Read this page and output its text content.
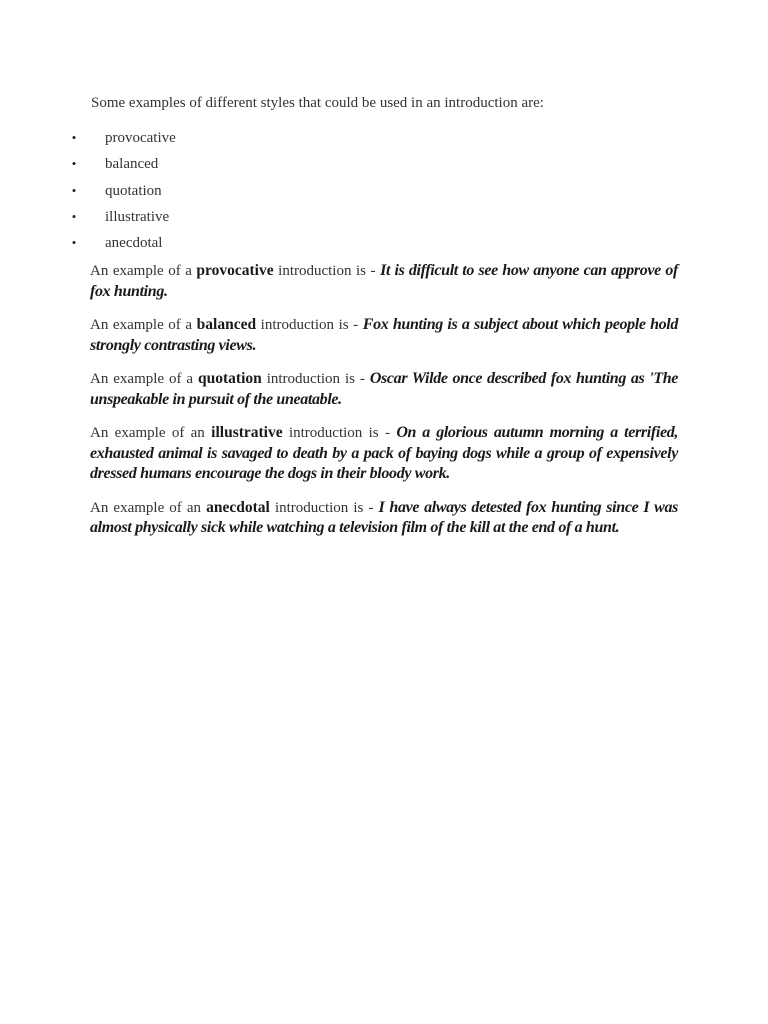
Some examples of different styles that could be used in an introduction are:

• provocative
• balanced
• quotation
• illustrative
• anecdotal

An example of a provocative introduction is - It is difficult to see how anyone can approve of fox hunting.

An example of a balanced introduction is - Fox hunting is a subject about which people hold strongly contrasting views.

An example of a quotation introduction is - Oscar Wilde once described fox hunting as 'The unspeakable in pursuit of the uneatable.

An example of an illustrative introduction is - On a glorious autumn morning a terrified, exhausted animal is savaged to death by a pack of baying dogs while a group of expensively dressed humans encourage the dogs in their bloody work.

An example of an anecdotal introduction is - I have always detested fox hunting since I was almost physically sick while watching a television film of the kill at the end of a hunt.
